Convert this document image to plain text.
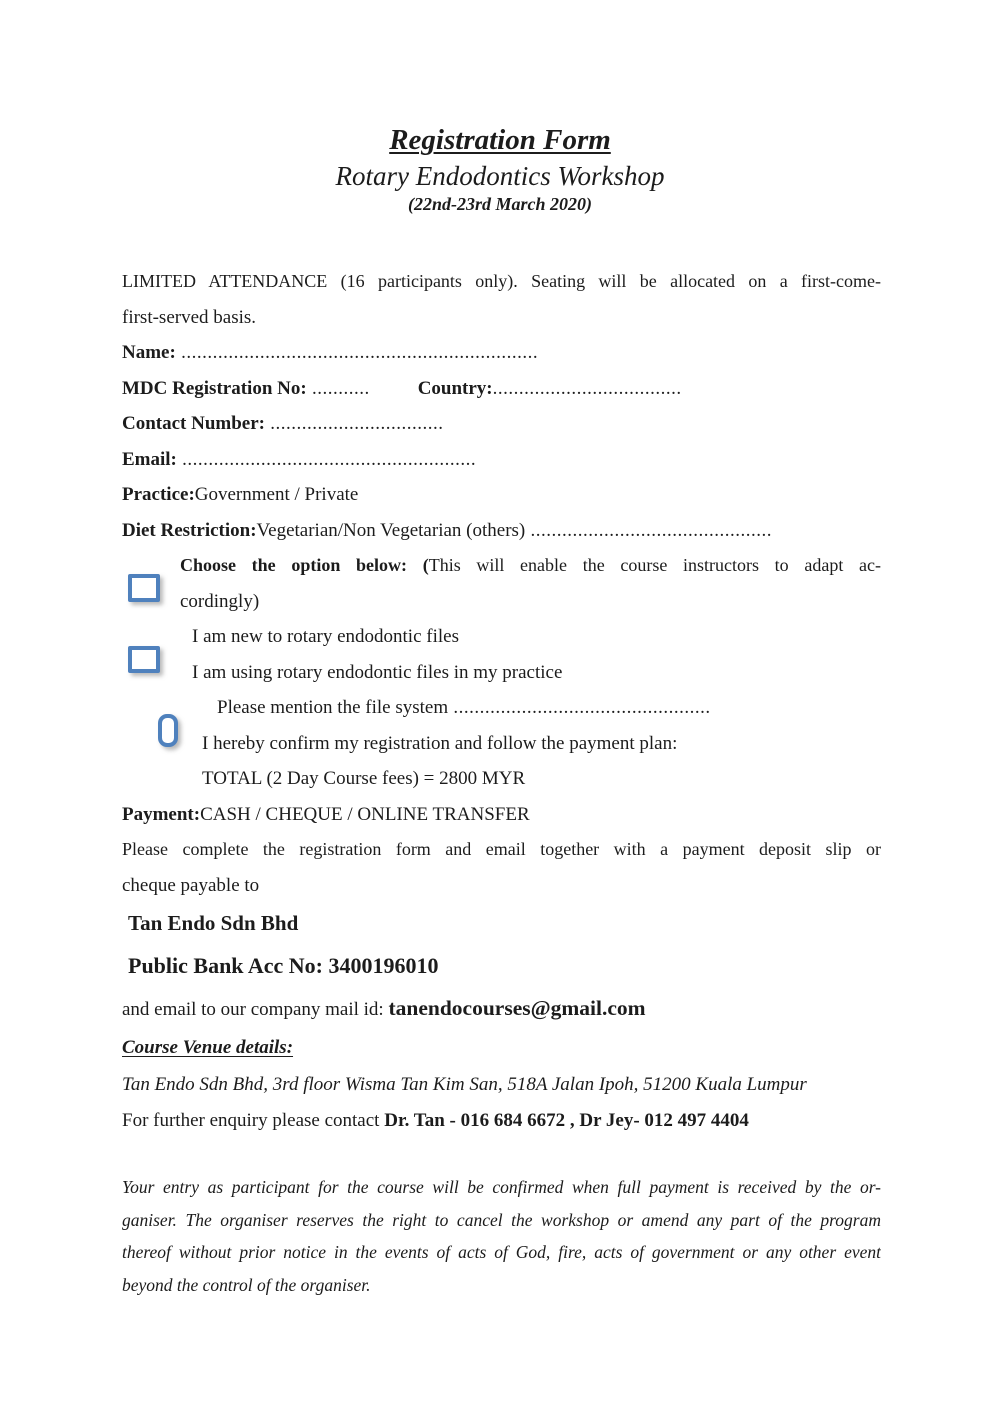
Registration Form
Rotary Endodontics Workshop
(22nd-23rd March 2020)
LIMITED ATTENDANCE (16 participants only). Seating will be allocated on a first-come-
first-served basis.
Name: ....................................................................
MDC Registration No: ...........	Country:....................................
Contact Number: .................................
Email: ........................................................
Practice:Government / Private
Diet Restriction:Vegetarian/Non Vegetarian (others) ..............................................
Choose the option below: (This will enable the course instructors to adapt ac-
cordingly)
I am new to rotary endodontic files
I am using rotary endodontic files in my practice
Please mention the file system .................................................
I hereby confirm my registration and follow the payment plan:
TOTAL (2 Day Course fees) = 2800 MYR
Payment:CASH / CHEQUE / ONLINE TRANSFER
Please complete the registration form and email together with a payment deposit slip or
cheque payable to
Tan Endo Sdn Bhd
Public Bank Acc No: 3400196010
and email to our company mail id: tanendocourses@gmail.com
Course Venue details:
Tan Endo Sdn Bhd, 3rd floor Wisma Tan Kim San, 518A Jalan Ipoh, 51200 Kuala Lumpur
For further enquiry please contact Dr. Tan - 016 684 6672 , Dr Jey- 012 497 4404
Your entry as participant for the course will be confirmed when full payment is received by the or-
ganiser. The organiser reserves the right to cancel the workshop or amend any part of the program
thereof without prior notice in the events of acts of God, fire, acts of government or any other event
beyond the control of the organiser.
